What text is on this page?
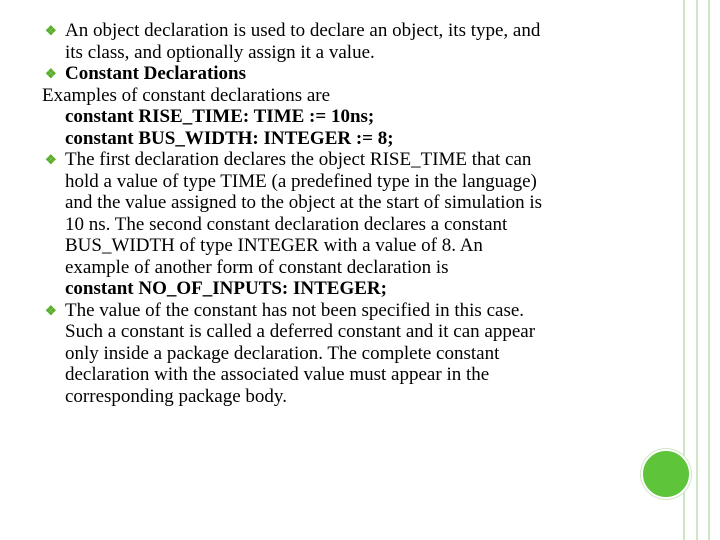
❖ An object declaration is used to declare an object, its type, and
its class, and optionally assign it a value.
❖ Constant Declarations
Examples of constant declarations are
constant RISE_TIME: TIME := 10ns;
constant BUS_WIDTH: INTEGER := 8;
❖ The first declaration declares the object RISE_TIME that can
hold a value of type TIME (a predefined type in the language)
and the value assigned to the object at the start of simulation is
10 ns. The second constant declaration declares a constant
BUS_WIDTH of type INTEGER with a value of 8. An
example of another form of constant declaration is
constant NO_OF_INPUTS: INTEGER;
❖ The value of the constant has not been specified in this case.
Such a constant is called a deferred constant and it can appear
only inside a package declaration. The complete constant
declaration with the associated value must appear in the
corresponding package body.
